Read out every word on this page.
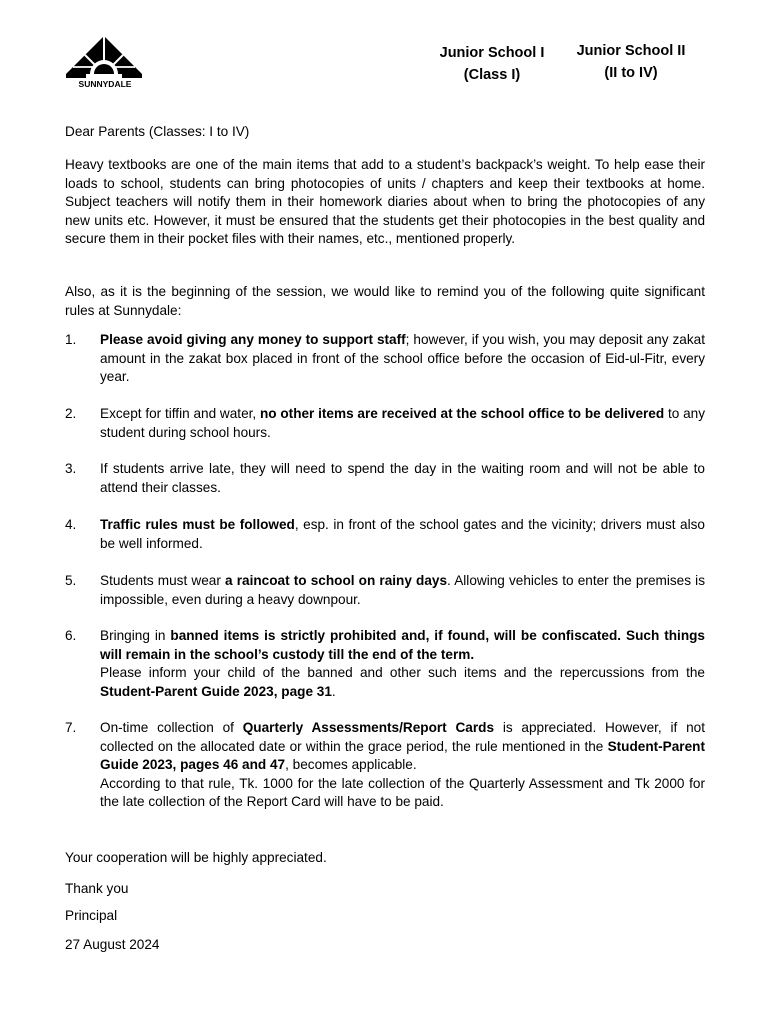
SUNNYDALE
Junior School I
(Class I)
Junior School II
(II to IV)
Dear Parents (Classes: I to IV)
Heavy textbooks are one of the main items that add to a student’s backpack’s weight. To help ease their loads to school, students can bring photocopies of units / chapters and keep their textbooks at home. Subject teachers will notify them in their homework diaries about when to bring the photocopies of any new units etc. However, it must be ensured that the students get their photocopies in the best quality and secure them in their pocket files with their names, etc., mentioned properly.
Also, as it is the beginning of the session, we would like to remind you of the following quite significant rules at Sunnydale:
1. Please avoid giving any money to support staff; however, if you wish, you may deposit any zakat amount in the zakat box placed in front of the school office before the occasion of Eid-ul-Fitr, every year.
2. Except for tiffin and water, no other items are received at the school office to be delivered to any student during school hours.
3. If students arrive late, they will need to spend the day in the waiting room and will not be able to attend their classes.
4. Traffic rules must be followed, esp. in front of the school gates and the vicinity; drivers must also be well informed.
5. Students must wear a raincoat to school on rainy days. Allowing vehicles to enter the premises is impossible, even during a heavy downpour.
6. Bringing in banned items is strictly prohibited and, if found, will be confiscated. Such things will remain in the school’s custody till the end of the term.

Please inform your child of the banned and other such items and the repercussions from the Student-Parent Guide 2023, page 31.

7. On-time collection of Quarterly Assessments/Report Cards is appreciated. However, if not collected on the allocated date or within the grace period, the rule mentioned in the Student-Parent Guide 2023, pages 46 and 47, becomes applicable.

According to that rule, Tk. 1000 for the late collection of the Quarterly Assessment and Tk 2000 for the late collection of the Report Card will have to be paid.

Your cooperation will be highly appreciated.
Thank you
Principal
27 August 2024
